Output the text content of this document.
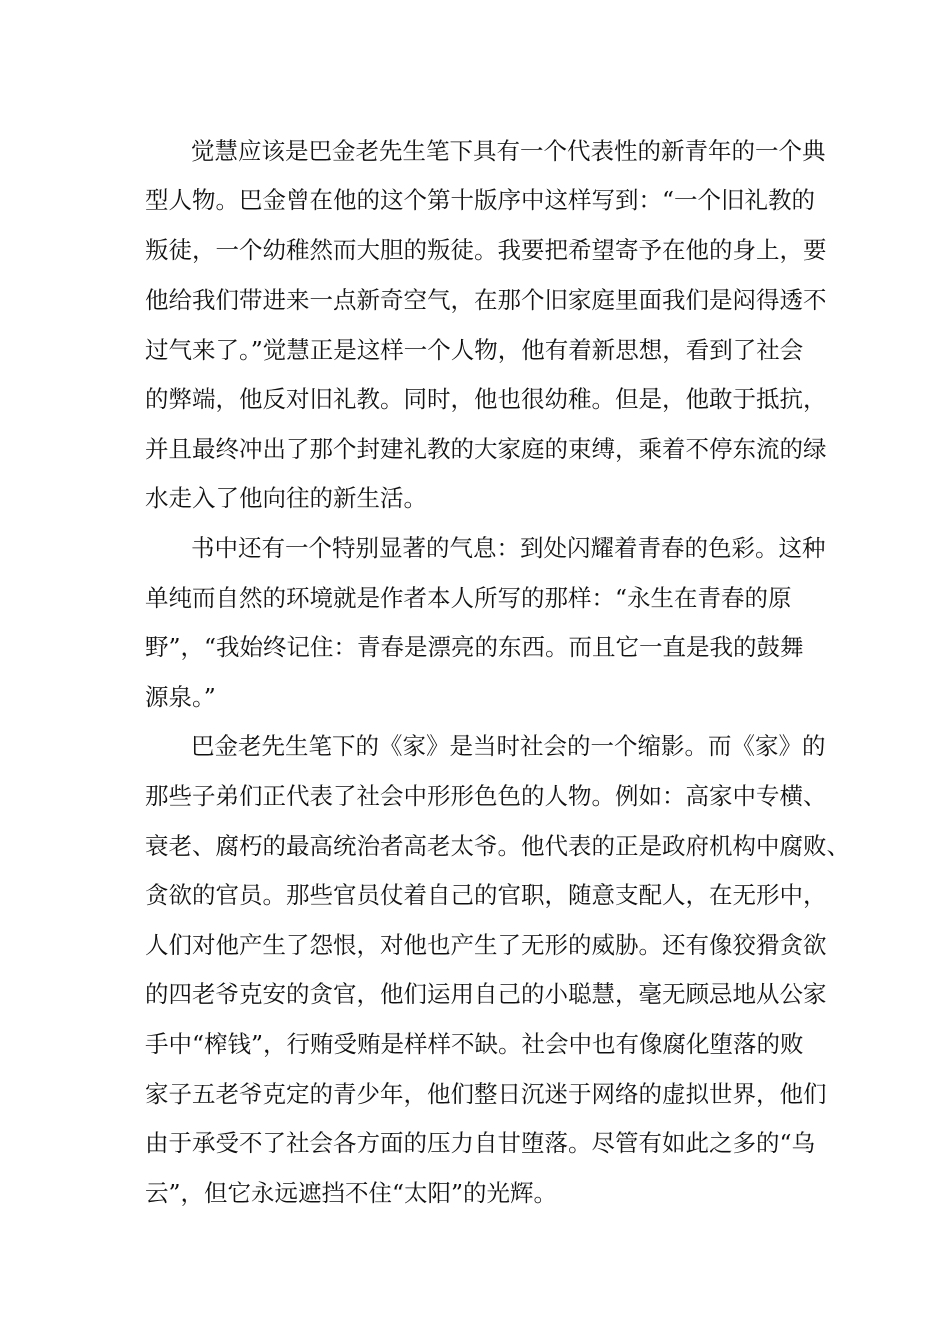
觉慧应该是巴金老先生笔下具有一个代表性的新青年的一个典
型人物。巴金曾在他的这个第十版序中这样写到：“一个旧礼教的
叛徒，一个幼稚然而大胆的叛徒。我要把希望寄予在他的身上，要
他给我们带进来一点新奇空气，在那个旧家庭里面我们是闷得透不
过气来了。”觉慧正是这样一个人物，他有着新思想，看到了社会
的弊端，他反对旧礼教。同时，他也很幼稚。但是，他敢于抵抗，
并且最终冲出了那个封建礼教的大家庭的束缚，乘着不停东流的绿
水走入了他向往的新生活。
书中还有一个特别显著的气息：到处闪耀着青春的色彩。这种
单纯而自然的环境就是作者本人所写的那样：“永生在青春的原
野”，“我始终记住：青春是漂亮的东西。而且它一直是我的鼓舞
源泉。”
巴金老先生笔下的《家》是当时社会的一个缩影。而《家》的
那些子弟们正代表了社会中形形色色的人物。例如：高家中专横、
衰老、腐朽的最高统治者高老太爷。他代表的正是政府机构中腐败、
贪欲的官员。那些官员仗着自己的官职，随意支配人，在无形中，
人们对他产生了怨恨，对他也产生了无形的威胁。还有像狡猾贪欲
的四老爷克安的贪官，他们运用自己的小聪慧，毫无顾忌地从公家
手中“榨钱”，行贿受贿是样样不缺。社会中也有像腐化堕落的败
家子五老爷克定的青少年，他们整日沉迷于网络的虚拟世界，他们
由于承受不了社会各方面的压力自甘堕落。尽管有如此之多的“乌
云”，但它永远遮挡不住“太阳”的光辉。
